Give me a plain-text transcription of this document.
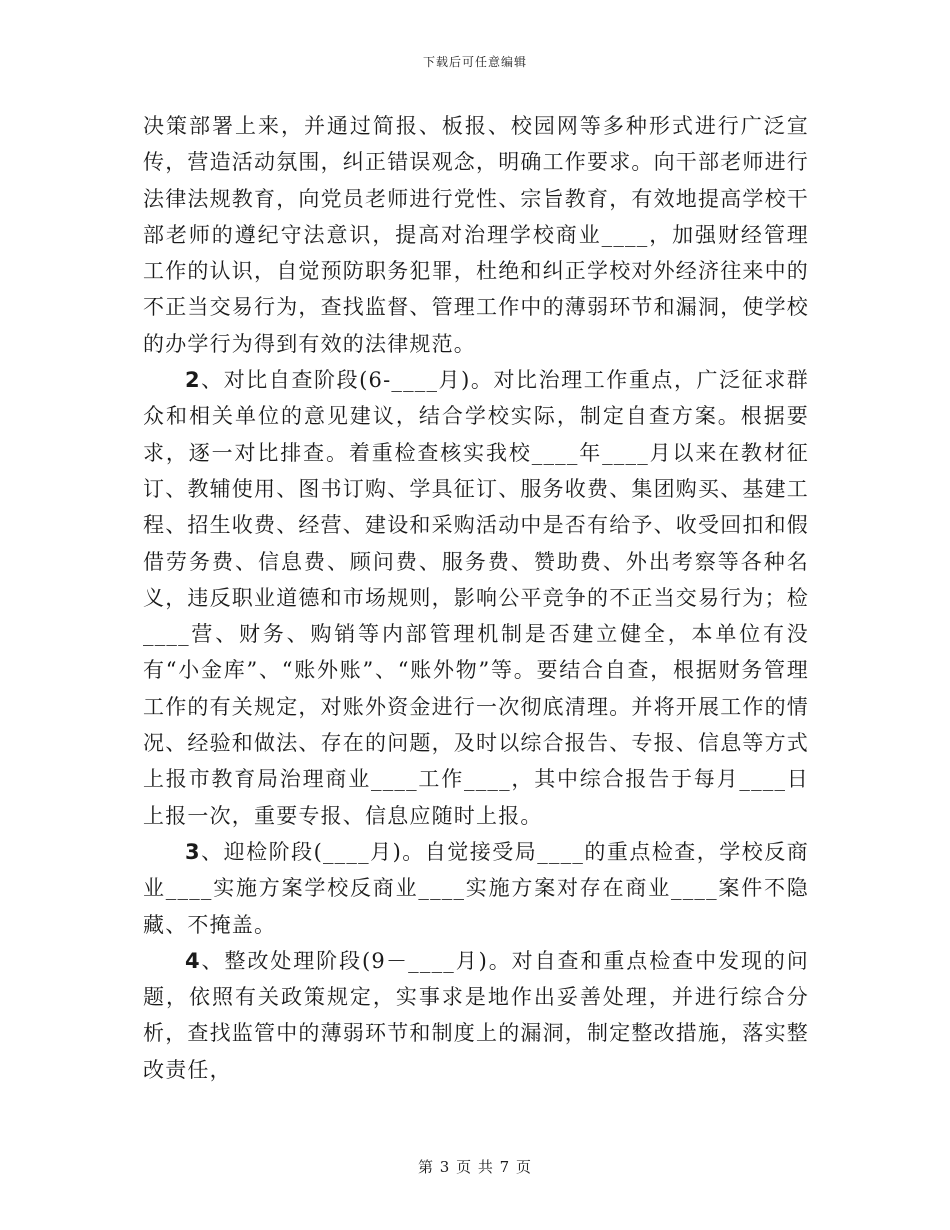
下载后可任意编辑

决策部署上来，并通过简报、板报、校园网等多种形式进行广泛宣传，营造活动氛围，纠正错误观念，明确工作要求。向干部老师进行法律法规教育，向党员老师进行党性、宗旨教育，有效地提高学校干部老师的遵纪守法意识，提高对治理学校商业____，加强财经管理工作的认识，自觉预防职务犯罪，杜绝和纠正学校对外经济往来中的不正当交易行为，查找监督、管理工作中的薄弱环节和漏洞，使学校的办学行为得到有效的法律规范。

2、对比自查阶段(6-____月)。对比治理工作重点，广泛征求群众和相关单位的意见建议，结合学校实际，制定自查方案。根据要求，逐一对比排查。着重检查核实我校____年____月以来在教材征订、教辅使用、图书订购、学具征订、服务收费、集团购买、基建工程、招生收费、经营、建设和采购活动中是否有给予、收受回扣和假借劳务费、信息费、顾问费、服务费、赞助费、外出考察等各种名义，违反职业道德和市场规则，影响公平竞争的不正当交易行为；检____营、财务、购销等内部管理机制是否建立健全，本单位有没有“小金库”、“账外账”、“账外物”等。要结合自查，根据财务管理工作的有关规定，对账外资金进行一次彻底清理。并将开展工作的情况、经验和做法、存在的问题，及时以综合报告、专报、信息等方式上报市教育局治理商业____工作____，其中综合报告于每月____日上报一次，重要专报、信息应随时上报。

3、迎检阶段(____月)。自觉接受局____的重点检查，学校反商业____实施方案学校反商业____实施方案对存在商业____案件不隐藏、不掩盖。

4、整改处理阶段(9－____月)。对自查和重点检查中发现的问题，依照有关政策规定，实事求是地作出妥善处理，并进行综合分析，查找监管中的薄弱环节和制度上的漏洞，制定整改措施，落实整改责任，

第 3 页 共 7 页
